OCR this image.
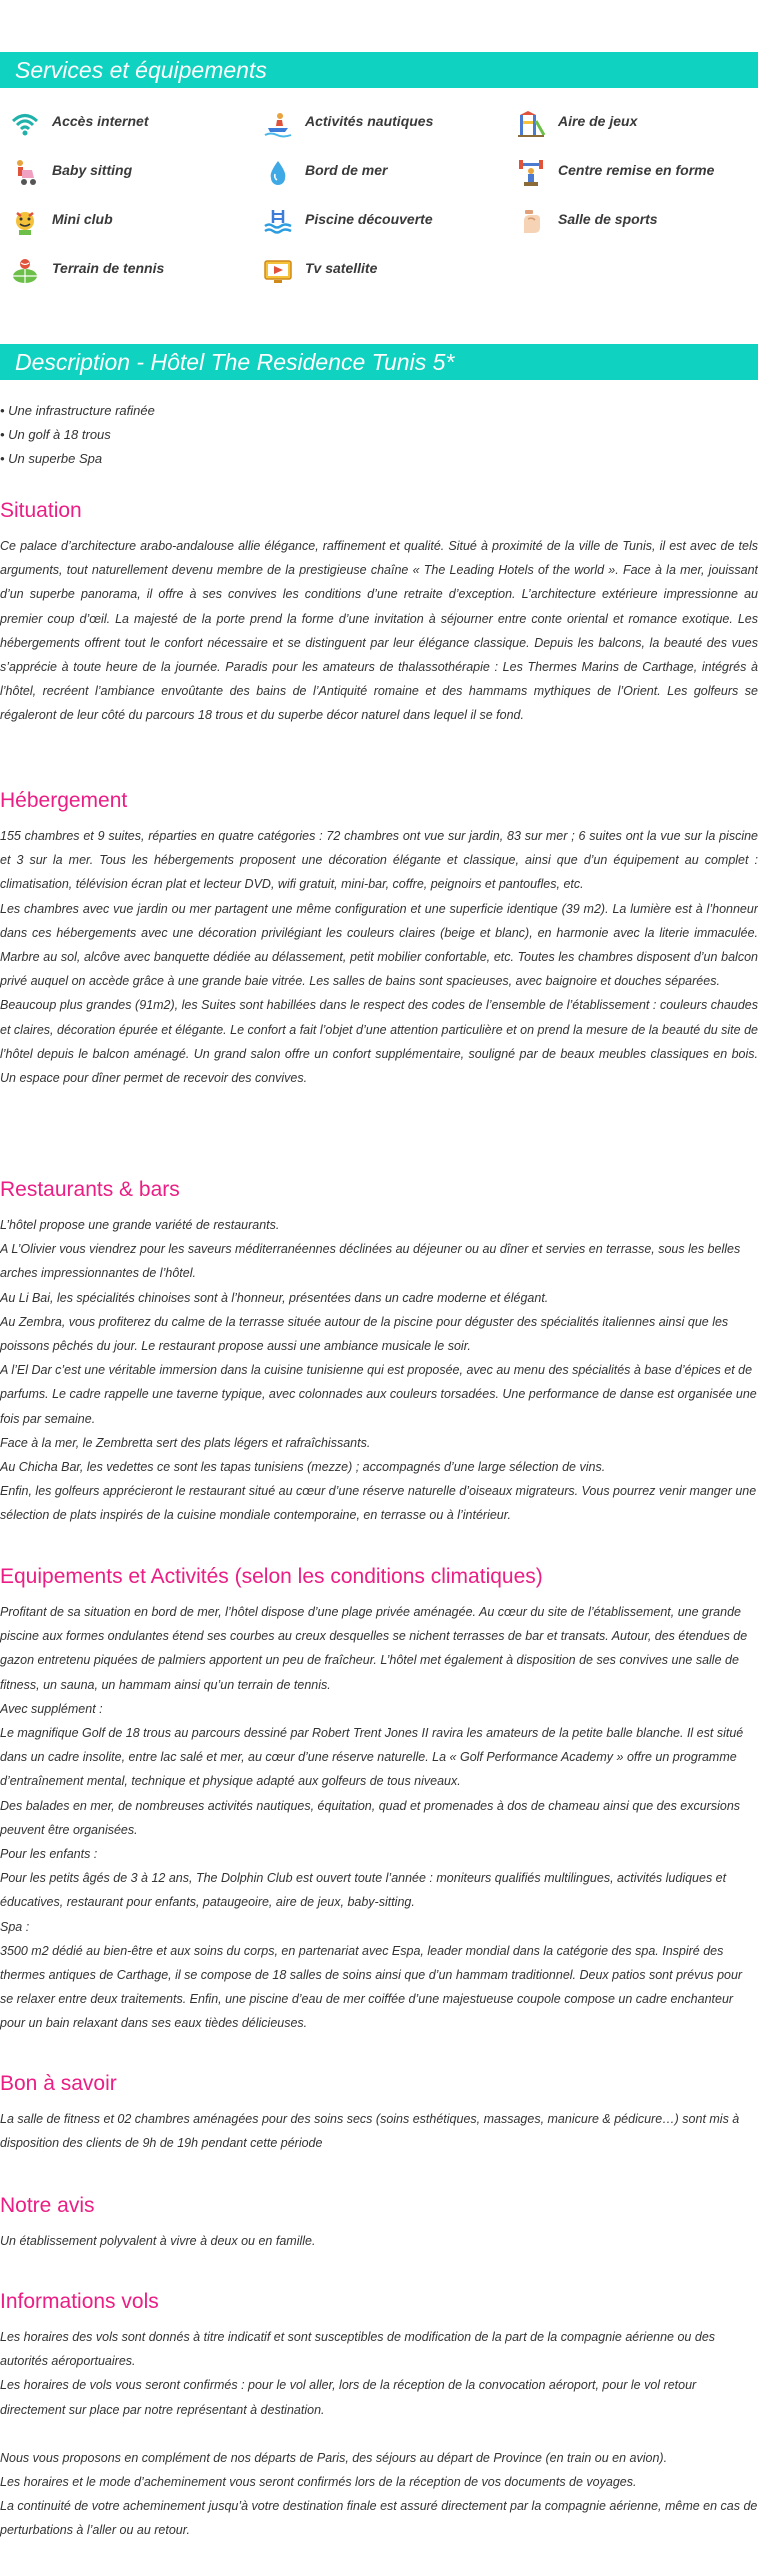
Services et équipements
Accès internet	Activités nautiques	Aire de jeux
Baby sitting	Bord de mer	Centre remise en forme
Mini club	Piscine découverte	Salle de sports
Terrain de tennis	Tv satellite
Description - Hôtel The Residence Tunis 5*
• Une infrastructure rafinée
• Un golf à 18 trous
• Un superbe Spa
Situation

Ce palace d’architecture arabo-andalouse allie élégance, raffinement et qualité. Situé à proximité de la ville de Tunis, il est avec de tels arguments, tout naturellement devenu membre de la prestigieuse chaîne « The Leading Hotels of the world ». Face à la mer, jouissant d’un superbe panorama, il offre à ses convives les conditions d’une retraite d’exception. L’architecture extérieure impressionne au premier coup d’œil. La majesté de la porte prend la forme d’une invitation à séjourner entre conte oriental et romance exotique. Les hébergements offrent tout le confort nécessaire et se distinguent par leur élégance classique. Depuis les balcons, la beauté des vues s’apprécie à toute heure de la journée. Paradis pour les amateurs de thalassothérapie : Les Thermes Marins de Carthage, intégrés à l’hôtel, recréent l’ambiance envoûtante des bains de l’Antiquité romaine et des hammams mythiques de l’Orient. Les golfeurs se régaleront de leur côté du parcours 18 trous et du superbe décor naturel dans lequel il se fond.

Hébergement

155 chambres et 9 suites, réparties en quatre catégories : 72 chambres ont vue sur jardin, 83 sur mer ; 6 suites ont la vue sur la piscine et 3 sur la mer. Tous les hébergements proposent une décoration élégante et classique, ainsi que d’un équipement au complet : climatisation, télévision écran plat et lecteur DVD, wifi gratuit, mini-bar, coffre, peignoirs et pantoufles, etc.

Les chambres avec vue jardin ou mer partagent une même configuration et une superficie identique (39 m2). La lumière est à l’honneur dans ces hébergements avec une décoration privilégiant les couleurs claires (beige et blanc), en harmonie avec la literie immaculée. Marbre au sol, alcôve avec banquette dédiée au délassement, petit mobilier confortable, etc. Toutes les chambres disposent d’un balcon privé auquel on accède grâce à une grande baie vitrée. Les salles de bains sont spacieuses, avec baignoire et douches séparées.

Beaucoup plus grandes (91m2), les Suites sont habillées dans le respect des codes de l’ensemble de l’établissement : couleurs chaudes et claires, décoration épurée et élégante. Le confort a fait l’objet d’une attention particulière et on prend la mesure de la beauté du site de l’hôtel depuis le balcon aménagé. Un grand salon offre un confort supplémentaire, souligné par de beaux meubles classiques en bois. Un espace pour dîner permet de recevoir des convives.

Restaurants & bars

L’hôtel propose une grande variété de restaurants.

A L’Olivier vous viendrez pour les saveurs méditerranéennes déclinées au déjeuner ou au dîner et servies en terrasse, sous les belles arches impressionnantes de l’hôtel.

Au Li Bai, les spécialités chinoises sont à l’honneur, présentées dans un cadre moderne et élégant.

Au Zembra, vous profiterez du calme de la terrasse située autour de la piscine pour déguster des spécialités italiennes ainsi que les poissons pêchés du jour. Le restaurant propose aussi une ambiance musicale le soir.

A l’El Dar c’est une véritable immersion dans la cuisine tunisienne qui est proposée, avec au menu des spécialités à base d’épices et de parfums. Le cadre rappelle une taverne typique, avec colonnades aux couleurs torsadées. Une performance de danse est organisée une fois par semaine.

Face à la mer, le Zembretta sert des plats légers et rafraîchissants.

Au Chicha Bar, les vedettes ce sont les tapas tunisiens (mezze) ; accompagnés d’une large sélection de vins.

Enfin, les golfeurs apprécieront le restaurant situé au cœur d’une réserve naturelle d’oiseaux migrateurs. Vous pourrez venir manger une sélection de plats inspirés de la cuisine mondiale contemporaine, en terrasse ou à l’intérieur.

Equipements et Activités (selon les conditions climatiques)

Profitant de sa situation en bord de mer, l’hôtel dispose d’une plage privée aménagée. Au cœur du site de l’établissement, une grande piscine aux formes ondulantes étend ses courbes au creux desquelles se nichent terrasses de bar et transats. Autour, des étendues de gazon entretenu piquées de palmiers apportent un peu de fraîcheur. L’hôtel met également à disposition de ses convives une salle de fitness, un sauna, un hammam ainsi qu’un terrain de tennis.

Avec supplément :

Le magnifique Golf de 18 trous au parcours dessiné par Robert Trent Jones II ravira les amateurs de la petite balle blanche. Il est situé dans un cadre insolite, entre lac salé et mer, au cœur d’une réserve naturelle. La « Golf Performance Academy » offre un programme d’entraînement mental, technique et physique adapté aux golfeurs de tous niveaux.

Des balades en mer, de nombreuses activités nautiques, équitation, quad et promenades à dos de chameau ainsi que des excursions peuvent être organisées.

Pour les enfants :

Pour les petits âgés de 3 à 12 ans, The Dolphin Club est ouvert toute l’année : moniteurs qualifiés multilingues, activités ludiques et éducatives, restaurant pour enfants, pataugeoire, aire de jeux, baby-sitting.

Spa :

3500 m2 dédié au bien-être et aux soins du corps, en partenariat avec Espa, leader mondial dans la catégorie des spa. Inspiré des thermes antiques de Carthage, il se compose de 18 salles de soins ainsi que d’un hammam traditionnel. Deux patios sont prévus pour se relaxer entre deux traitements. Enfin, une piscine d’eau de mer coiffée d’une majestueuse coupole compose un cadre enchanteur pour un bain relaxant dans ses eaux tièdes délicieuses.

Bon à savoir

La salle de fitness et 02 chambres aménagées pour des soins secs (soins esthétiques, massages, manicure & pédicure…) sont mis à disposition des clients de 9h de 19h pendant cette période

Notre avis

Un établissement polyvalent à vivre à deux ou en famille.

Informations vols

Les horaires des vols sont donnés à titre indicatif et sont susceptibles de modification de la part de la compagnie aérienne ou des autorités aéroportuaires.

Les horaires de vols vous seront confirmés : pour le vol aller, lors de la réception de la convocation aéroport, pour le vol retour directement sur place par notre représentant à destination.

Nous vous proposons en complément de nos départs de Paris, des séjours au départ de Province (en train ou en avion).

Les horaires et le mode d’acheminement vous seront confirmés lors de la réception de vos documents de voyages.

La continuité de votre acheminement jusqu’à votre destination finale est assuré directement par la compagnie aérienne, même en cas de perturbations à l’aller ou au retour.
